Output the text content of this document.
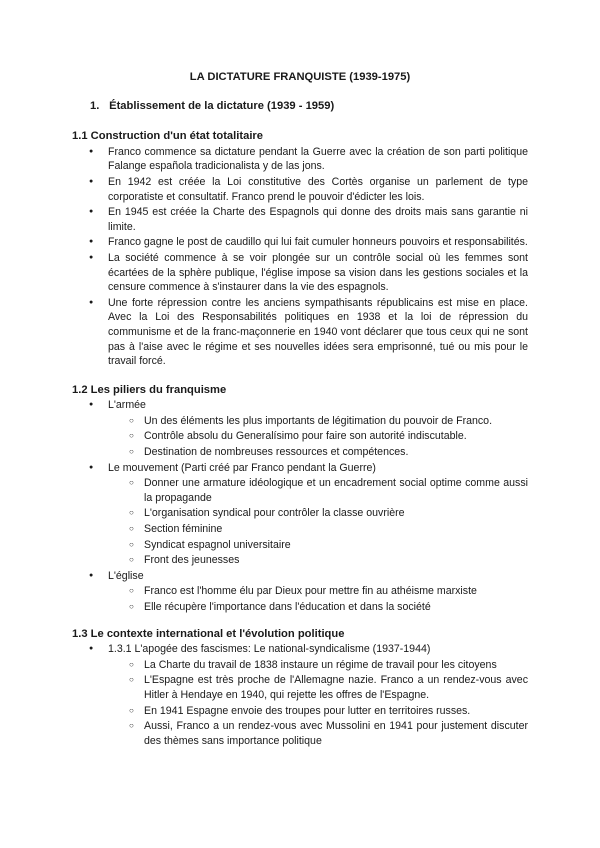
LA DICTATURE FRANQUISTE (1939-1975)
1. Établissement de la dictature (1939 - 1959)
1.1 Construction d'un état totalitaire
● Franco commence sa dictature pendant la Guerre avec la création de son parti politique Falange española tradicionalista y de las jons.
● En 1942 est créée la Loi constitutive des Cortès organise un parlement de type corporatiste et consultatif. Franco prend le pouvoir d'édicter les lois.
● En 1945 est créée la Charte des Espagnols qui donne des droits mais sans garantie ni limite.
● Franco gagne le post de caudillo qui lui fait cumuler honneurs pouvoirs et responsabilités.
● La société commence à se voir plongée sur un contrôle social où les femmes sont écartées de la sphère publique, l'église impose sa vision dans les gestions sociales et la censure commence à s'instaurer dans la vie des espagnols.
● Une forte répression contre les anciens sympathisants républicains est mise en place. Avec la Loi des Responsabilités politiques en 1938 et la loi de répression du communisme et de la franc-maçonnerie en 1940 vont déclarer que tous ceux qui ne sont pas à l'aise avec le régime et ses nouvelles idées sera emprisonné, tué ou mis pour le travail forcé.
1.2 Les piliers du franquisme
● L'armée
○ Un des éléments les plus importants de légitimation du pouvoir de Franco.
○ Contrôle absolu du Generalísimo pour faire son autorité indiscutable.
○ Destination de nombreuses ressources et compétences.
● Le mouvement (Parti créé par Franco pendant la Guerre)
○ Donner une armature idéologique et un encadrement social optime comme aussi la propagande
○ L'organisation syndical pour contrôler la classe ouvrière
○ Section féminine
○ Syndicat espagnol universitaire
○ Front des jeunesses
● L'église
○ Franco est l'homme élu par Dieux pour mettre fin au athéisme marxiste
○ Elle récupère l'importance dans l'éducation et dans la société
1.3 Le contexte international et l'évolution politique
● 1.3.1 L'apogée des fascismes: Le national-syndicalisme (1937-1944)
○ La Charte du travail de 1838 instaure un régime de travail pour les citoyens
○ L'Espagne est très proche de l'Allemagne nazie. Franco a un rendez-vous avec Hitler à Hendaye en 1940, qui rejette les offres de l'Espagne.
○ En 1941 Espagne envoie des troupes pour lutter en territoires russes.
○ Aussi, Franco a un rendez-vous avec Mussolini en 1941 pour justement discuter des thèmes sans importance politique
